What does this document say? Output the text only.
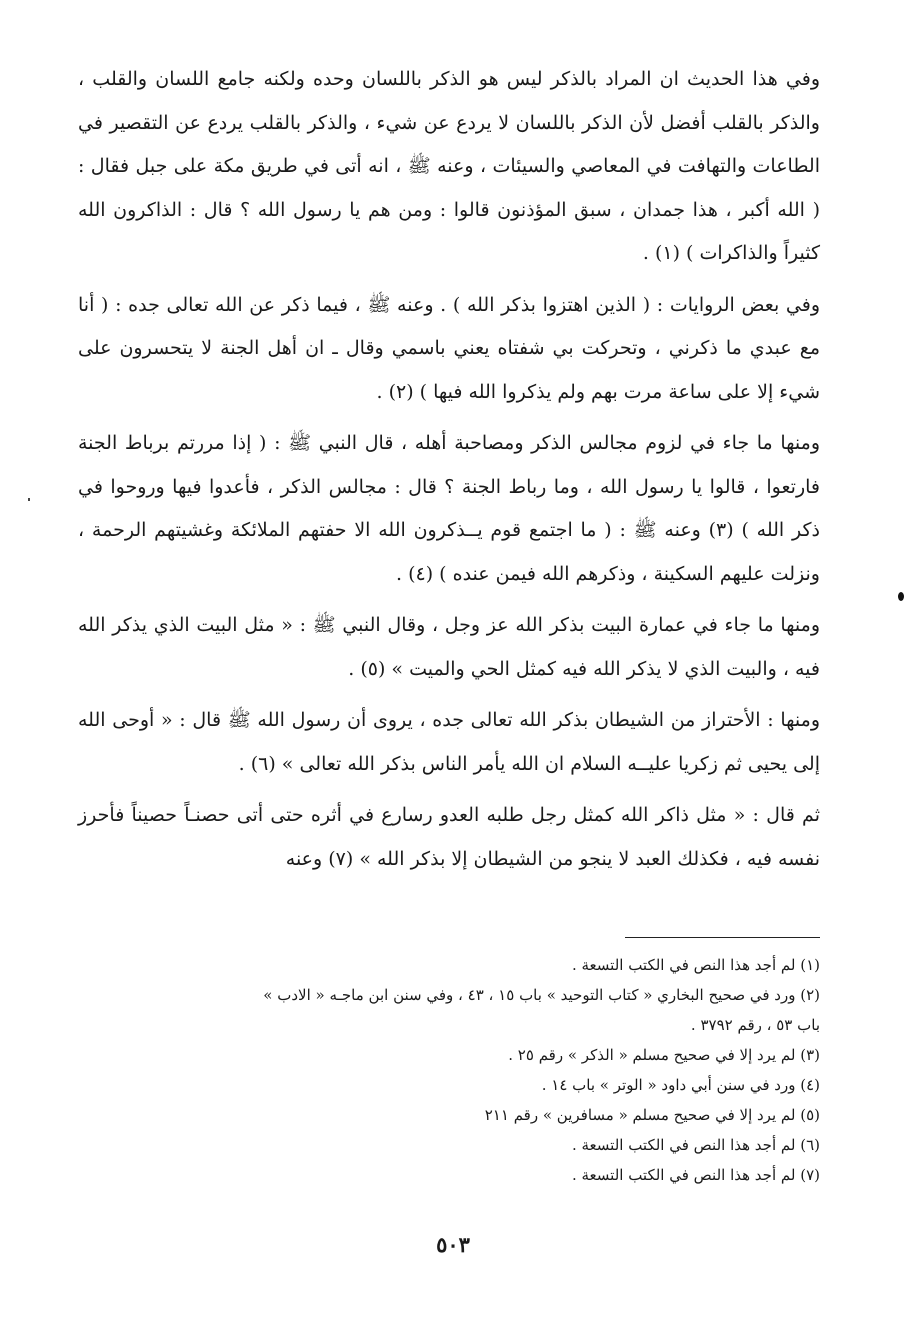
وفي هذا الحديث ان المراد بالذكر ليس هو الذكر باللسان وحده ولكنه جامع اللسان والقلب ، والذكر بالقلب أفضل لأن الذكر باللسان لا يردع عن شيء ، والذكر بالقلب يردع عن التقصير في الطاعات والتهافت في المعاصي والسيئات ، وعنه ﷺ ، انه أتى في طريق مكة على جبل فقال : ( الله أكبر ، هذا جمدان ، سبق المؤذنون قالوا : ومن هم يا رسول الله ؟ قال : الذاكرون الله كثيراً والذاكرات ) (١) .

وفي بعض الروايات : ( الذين اهتزوا بذكر الله ) . وعنه ﷺ ، فيما ذكر عن الله تعالى جده : ( أنا مع عبدي ما ذكرني ، وتحركت بي شفتاه يعني باسمي وقال ـ ان أهل الجنة لا يتحسرون على شيء إلا على ساعة مرت بهم ولم يذكروا الله فيها ) (٢) .

ومنها ما جاء في لزوم مجالس الذكر ومصاحبة أهله ، قال النبي ﷺ : ( إذا مررتم برباط الجنة فارتعوا ، قالوا يا رسول الله ، وما رباط الجنة ؟ قال : مجالس الذكر ، فأعدوا فيها وروحوا في ذكر الله ) (٣) وعنه ﷺ : ( ما اجتمع قوم يــذكرون الله الا حفتهم الملائكة وغشيتهم الرحمة ، ونزلت عليهم السكينة ، وذكرهم الله فيمن عنده ) (٤) .

ومنها ما جاء في عمارة البيت بذكر الله عز وجل ، وقال النبي ﷺ : « مثل البيت الذي يذكر الله فيه ، والبيت الذي لا يذكر الله فيه كمثل الحي والميت » (٥) .

ومنها : الأحتراز من الشيطان بذكر الله تعالى جده ، يروى أن رسول الله ﷺ قال : « أوحى الله إلى يحيى ثم زكريا عليــه السلام ان الله يأمر الناس بذكر الله تعالى » (٦) .

ثم قال : « مثل ذاكر الله كمثل رجل طلبه العدو رسارع في أثره حتى أتى حصنـاً حصيناً فأحرز نفسه فيه ، فكذلك العبد لا ينجو من الشيطان إلا بذكر الله » (٧) وعنه

(١) لم أجد هذا النص في الكتب التسعة .

(٢) ورد في صحيح البخاري « كتاب التوحيد » باب ١٥ ، ٤٣ ، وفي سنن ابن ماجـه « الادب »

باب ٥٣ ، رقم ٣٧٩٢ .

(٣) لم يرد إلا في صحيح مسلم « الذكر » رقم ٢٥ .

(٤) ورد في سنن أبي داود « الوتر » باب ١٤ .

(٥) لم يرد إلا في صحيح مسلم « مسافرين » رقم ٢١١

(٦) لم أجد هذا النص في الكتب التسعة .

(٧) لم أجد هذا النص في الكتب التسعة .

٥٠٣
